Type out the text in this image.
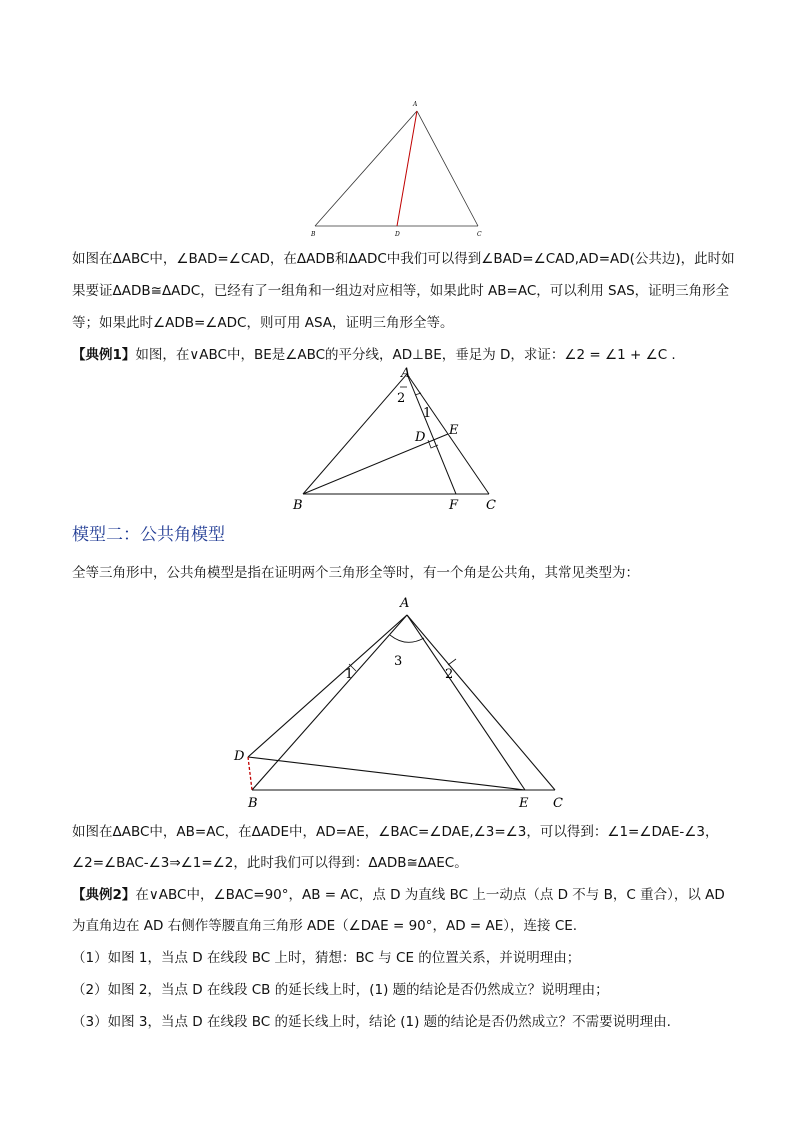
A
B	D	C
如图在ΔABC中，∠BAD=∠CAD，在ΔADB和ΔADC中我们可以得到∠BAD=∠CAD,AD=AD(公共边)，此时如
果要证ΔADB≅ΔADC，已经有了一组角和一组边对应相等，如果此时 AB=AC，可以利用 SAS，证明三角形全
等；如果此时∠ADB=∠ADC，则可用 ASA，证明三角形全等。
【典例1】如图，在∨ABC中，BE是∠ABC的平分线，AD⊥BE，垂足为 D，求证：∠2 = ∠1 + ∠C .
A
2
1
D E
B	F C
模型二：公共角模型
全等三角形中，公共角模型是指在证明两个三角形全等时，有一个角是公共角，其常见类型为：
A
3
1	2
D
B	E C
如图在ΔABC中，AB=AC，在ΔADE中，AD=AE，∠BAC=∠DAE,∠3=∠3，可以得到：∠1=∠DAE-∠3，
∠2=∠BAC-∠3⇒∠1=∠2，此时我们可以得到：ΔADB≅ΔAEC。
【典例2】在∨ABC中，∠BAC=90°，AB = AC，点 D 为直线 BC 上一动点（点 D 不与 B，C 重合），以 AD
为直角边在 AD 右侧作等腰直角三角形 ADE（∠DAE = 90°，AD = AE），连接 CE.
（1）如图 1，当点 D 在线段 BC 上时，猜想：BC 与 CE 的位置关系，并说明理由；
（2）如图 2，当点 D 在线段 CB 的延长线上时，(1) 题的结论是否仍然成立？说明理由；
（3）如图 3，当点 D 在线段 BC 的延长线上时，结论 (1) 题的结论是否仍然成立？不需要说明理由.
